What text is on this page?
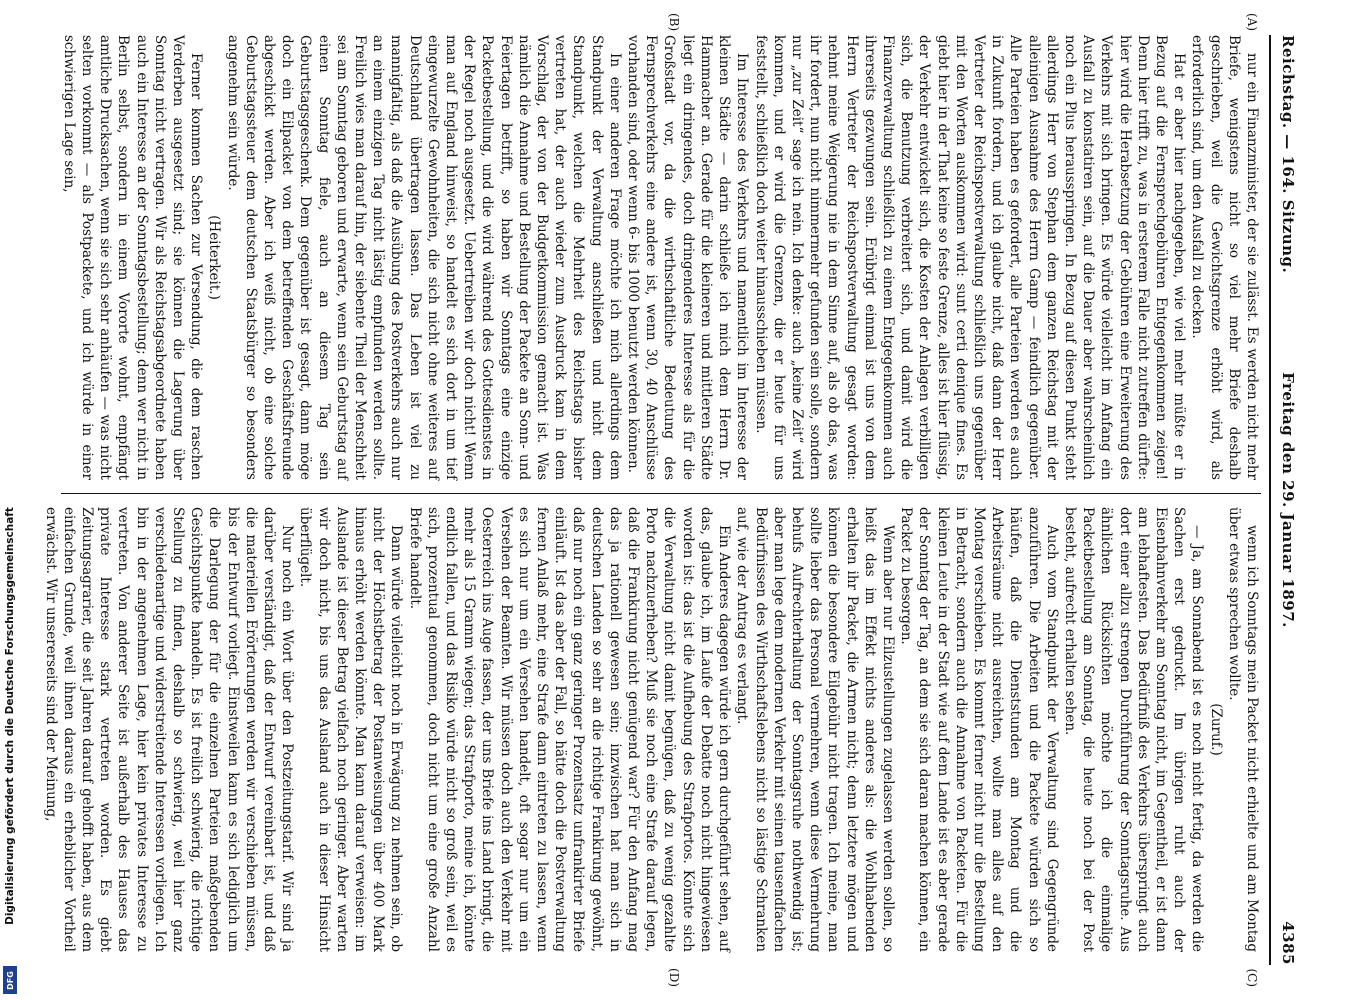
Reichstag. — 164. Sitzung.
Freitag den 29. Januar 1897.
4385
(A)
(B)
(C)
(D)

nur ein Finanzminister, der sie zulässt. Es werden nicht mehr Briefe, wenigstens nicht so viel mehr Briefe deshalb geschrieben, weil die Gewichtsgrenze erhöht wird, als erforderlich sind, um den Ausfall zu decken.

Hat er aber hier nachgegeben, wie viel mehr müßte er in Bezug auf die Fernsprechgebühren Entgegenkommen zeigen! Denn hier trifft zu, was in ersterem Falle nicht zutreffen dürfte: hier wird die Herabsetzung der Gebühren eine Erweiterung des Verkehrs mit sich bringen. Es würde vielleicht im Anfang ein Ausfall zu konstatiren sein, auf die Dauer aber wahrscheinlich noch ein Plus herausspringen. In Bezug auf diesen Punkt steht allerdings Herr von Stephan dem ganzen Reichstag mit der alleinigen Ausnahme des Herrn Gamp — feindlich gegenüber. Alle Parteien haben es gefordert, alle Parteien werden es auch in Zukunft fordern, und ich glaube nicht, daß dann der Herr Vertreter der Reichspostverwaltung schließlich uns gegenüber mit den Worten auskommen wird: sunt certi denique fines. Es giebt hier in der That keine so feste Grenze, alles ist hier flüssig, der Verkehr entwickelt sich, die Kosten der Anlagen verbilligen sich, die Benutzung verbreitert sich, und damit wird die Finanzverwaltung schließlich zu einem Entgegenkommen auch ihrerseits gezwungen sein. Erübrigt einmal ist uns von dem Herrn Vertreter der Reichspostverwaltung gesagt worden: nehmt meine Weigerung nie in dem Sinne auf, als ob das, was ihr fordert, nun nicht nimmermehr gefunden sein solle, sondern nur „zur Zeit“ sage ich nein. Ich denke: auch „keine Zeit“ wird kommen, und er wird die Grenzen, die er heute für uns feststellt, schließlich doch weiter hinausschieben müssen.

Im Interesse des Verkehrs und namentlich im Interesse der kleinen Städte — darin schließe ich mich dem Herrn Dr. Hammacher an. Gerade für die kleineren und mittleren Städte liegt ein dringendes, doch dringenderes Interesse als für die Großstadt vor, da die wirthschaftliche Bedeutung des Fernsprechverkehrs eine andere ist, wenn 30, 40 Anschlüsse vorhanden sind, oder wenn 6- bis 1000 benutzt werden können.

In einer anderen Frage möchte ich mich allerdings dem Standpunkt der Verwaltung anschließen und nicht dem Standpunkt, welchen die Mehrheit des Reichstags bisher vertreten hat, der auch wieder zum Ausdruck kam in dem Vorschlag, der von der Budgetkommission gemacht ist. Was nämlich die Annahme und Bestellung der Packete an Sonn- und Feiertagen betrifft, so haben wir Sonntags eine einzige Packetbestellung, und die wird während des Gottesdienstes in der Regel noch ausgesetzt. Uebertreiben wir doch nicht! Wenn man auf England hinweist, so handelt es sich dort in um tief eingewurzelte Gewohnheiten, die sich nicht ohne weiteres auf Deutschland übertragen lassen. Das Leben ist viel zu mannigfaltig, als daß die Ausübung des Postverkehrs auch nur an einem einzigen Tag nicht lästig empfunden werden sollte. Freilich wies man darauf hin, der siebente Theil der Menschheit sei am Sonntag geboren und erwarte, wenn sein Geburtstag auf einen Sonntag fiele, auch an diesem Tag sein Geburtstagsgeschenk. Dem gegenüber ist gesagt, dann möge doch ein Eilpacket von dem betreffenden Geschäftsfreunde abgeschickt werden. Aber ich weiß nicht, ob eine solche Geburtstagssteuer dem deutschen Staatsbürger so besonders angenehm sein würde.

(Heiterkeit.)

Ferner kommen Sachen zur Versendung, die dem raschen Verderben ausgesetzt sind; sie können die Lagerung über Sonntag nicht vertragen. Wir als Reichstagsabgeordnete haben auch ein Interesse an der Sonntagsbestellung; denn wer nicht in Berlin selbst, sondern in einem Vororte wohnt, empfängt amtliche Drucksachen, wenn sie sich sehr anhäufen — was nicht selten vorkommt — als Postpackete, und ich würde in einer schwierigen Lage sein,

wenn ich Sonntags mein Packet nicht erhielte und am Montag über etwas sprechen wollte.

(Zuruf.)

— Ja, am Sonnabend ist es noch nicht fertig, da werden die Sachen erst gedruckt. Im übrigen ruht auch der Eisenbahnverkehr am Sonntag nicht, im Gegentheil, er ist dann am lebhaftesten. Das Bedürfniß des Verkehrs überspringt auch dort einer allzu strengen Durchführung der Sonntagsruhe. Aus ähnlichen Rücksichten möchte ich die einmalige Packetbestellung am Sonntag, die heute noch bei der Post besteht, aufrecht erhalten sehen.

Auch vom Standpunkt der Verwaltung sind Gegengründe anzuführen. Die Arbeiten und die Packete würden sich so häufen, daß die Dienststunden am Montag und die Arbeitsräume nicht ausreichten, wollte man alles auf den Montag verschieben. Es kommt ferner nicht nur die Bestellung in Betracht, sondern auch die Annahme von Packeten. Für die kleinen Leute in der Stadt wie auf dem Lande ist es aber gerade der Sonntag der Tag, an dem sie sich daran machen können, ein Packet zu besorgen.

Wenn aber nur Eilzustellungen zugelassen werden sollen, so heißt das im Effekt nichts anderes als: die Wohlhabenden erhalten ihr Packet, die Armen nicht; denn letztere mögen und können die besondere Eilgebühr nicht tragen. Ich meine, man sollte lieber das Personal vermehren, wenn diese Vermehrung behufs Aufrechterhaltung der Sonntagsruhe nothwendig ist; aber man lege dem modernen Verkehr mit seinen tausendfachen Bedürfnissen des Wirthschaftslebens nicht so lästige Schranken auf, wie der Antrag es verlangt.

Ein Anderes dagegen würde ich gern durchgeführt sehen, auf das, glaube ich, im Laufe der Debatte noch nicht hingewiesen worden ist: das ist die Aufhebung des Strafportos. Könnte sich die Verwaltung nicht damit begnügen, daß zu wenig gezahlte Porto nachzuerheben? Muß sie noch eine Strafe darauf legen, daß die Frankirung nicht genügend war? Für den Anfang mag das ja rationell gewesen sein; inzwischen hat man sich in deutschen Landen so sehr an die richtige Frankirung gewöhnt, daß nur noch ein ganz geringer Prozentsatz unfrankirter Briefe einläuft. Ist das aber der Fall, so hätte doch die Postverwaltung fernen Anlaß mehr, eine Strafe dann eintreten zu lassen, wenn es sich nur um ein Versehen handelt, oft sogar nur um ein Versehen der Beamten. Wir müssen doch auch den Verkehr mit Oesterreich ins Auge fassen, der uns Briefe ins Land bringt, die mehr als 15 Gramm wiegen; das Strafporto, meine ich, könnte endlich fallen, und das Risiko würde nicht so groß sein, weil es sich, prozentual genommen, doch nicht um eine große Anzahl Briefe handelt.

Dann würde vielleicht noch in Erwägung zu nehmen sein, ob nicht der Höchstbetrag der Postanweisungen über 400 Mark hinaus erhöht werden könnte. Man kann darauf verweisen: im Auslande ist dieser Betrag vielfach noch geringer. Aber warten wir doch nicht, bis uns das Ausland auch in dieser Hinsicht überflügelt.

Nur noch ein Wort über den Postzeitungstarif. Wir sind ja darüber verständigt, daß der Entwurf vereinbart ist, und daß die materiellen Erörterungen werden wir verschieben müssen, bis der Entwurf vorliegt. Einstweilen kann es sich lediglich um die Darlegung der für die einzelnen Parteien maßgebenden Gesichtspunkte handeln. Es ist freilich schwierig, die richtige Stellung zu finden, deshalb so schwierig, weil hier ganz verschiedenartige und widerstreitende Interessen vorliegen. Ich bin in der angenehmen Lage, hier kein privates Interesse zu vertreten. Von anderer Seite ist außerhalb des Hauses das private Interesse stark vertreten worden. Es giebt Zeitungsagrarier, die seit Jahren darauf gehofft haben, aus dem einfachen Grunde, weil ihnen daraus ein erheblicher Vortheil erwächst. Wir unsererseits sind der Meinung,

Digitalisierung gefördert durch die Deutsche Forschungsgemeinschaft
DFG
